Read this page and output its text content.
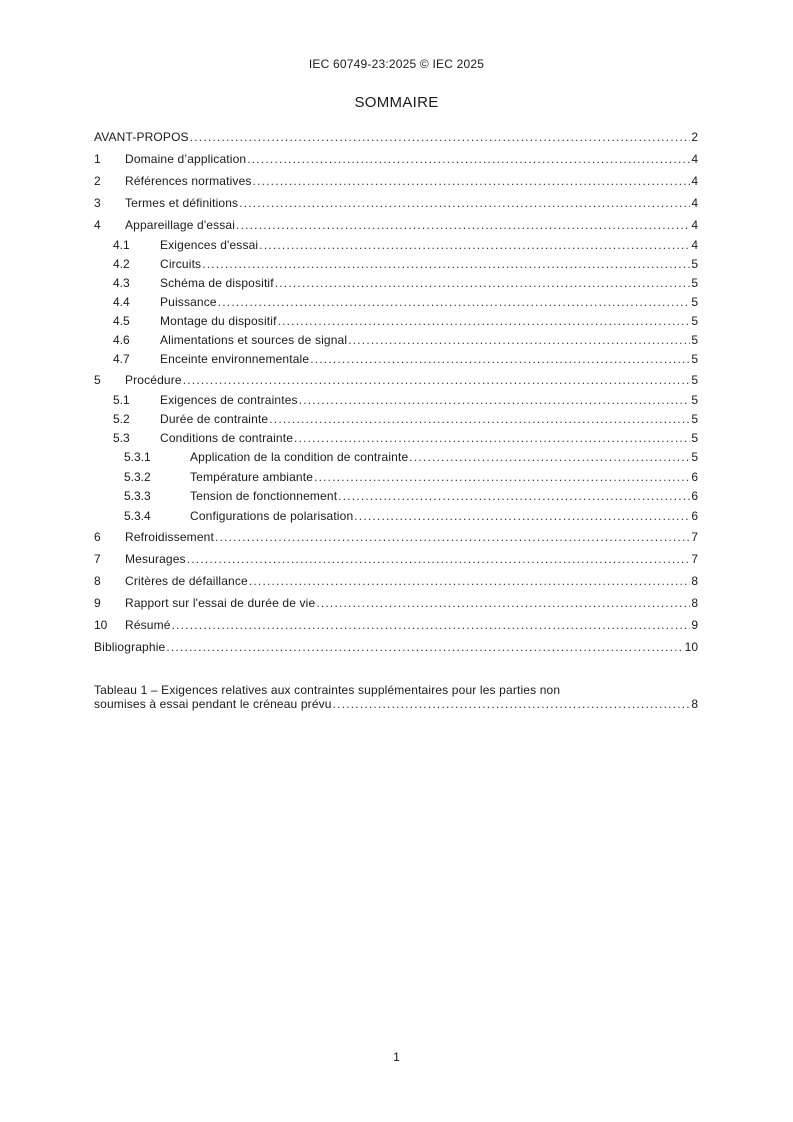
IEC 60749-23:2025 © IEC 2025
SOMMAIRE
AVANT-PROPOS .....	2
1	Domaine d’application .....	4
2	Références normatives .....	4
3	Termes et définitions .....	4
4	Appareillage d'essai .....	4
4.1	Exigences d'essai .....	4
4.2	Circuits .....	5
4.3	Schéma de dispositif .....	5
4.4	Puissance .....	5
4.5	Montage du dispositif .....	5
4.6	Alimentations et sources de signal .....	5
4.7	Enceinte environnementale .....	5
5	Procédure .....	5
5.1	Exigences de contraintes .....	5
5.2	Durée de contrainte .....	5
5.3	Conditions de contrainte .....	5
5.3.1	Application de la condition de contrainte .....	5
5.3.2	Température ambiante .....	6
5.3.3	Tension de fonctionnement .....	6
5.3.4	Configurations de polarisation .....	6
6	Refroidissement .....	7
7	Mesurages .....	7
8	Critères de défaillance .....	8
9	Rapport sur l'essai de durée de vie .....	8
10	Résumé .....	9
Bibliographie .....	10
Tableau 1 – Exigences relatives aux contraintes supplémentaires pour les parties non
soumises à essai pendant le créneau prévu .....	8
1
